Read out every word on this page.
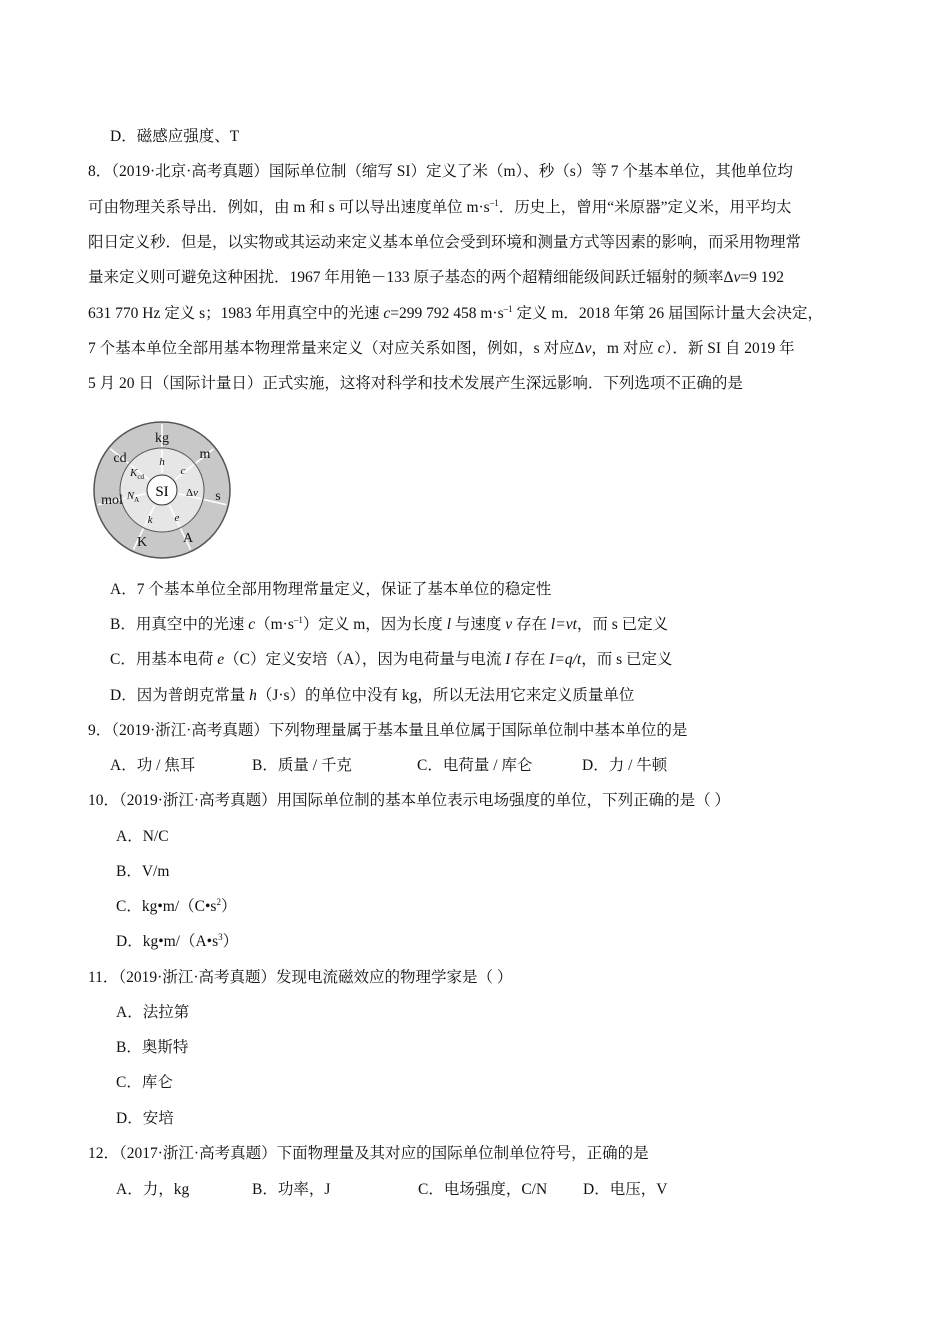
D．磁感应强度、T
8．（2019·北京·高考真题）国际单位制（缩写 SI）定义了米（m）、秒（s）等 7 个基本单位，其他单位均
可由物理关系导出．例如，由 m 和 s 可以导出速度单位 $m\cdot s^{-1}$．历史上，曾用“米原器”定义米，用平均太
阳日定义秒．但是，以实物或其运动来定义基本单位会受到环境和测量方式等因素的影响，而采用物理常
量来定义则可避免这种困扰．1967 年用铯－133 原子基态的两个超精细能级间跃迁辐射的频率Δv=9 192
631 770 Hz 定义 s；1983 年用真空中的光速 c=299 792 458 $m\cdot s^{-1}$ 定义 m．2018 年第 26 届国际计量大会决定，
7 个基本单位全部用基本物理常量来定义（对应关系如图，例如，s 对应Δv，m 对应 c）．新 SI 自 2019 年
5 月 20 日（国际计量日）正式实施，这将对科学和技术发展产生深远影响．下列选项不正确的是
SI
kg
m
s
A
K
mol
cd	h
c
Δv
e
k
$N_A$
$K_{cd}$
A．7 个基本单位全部用物理常量定义，保证了基本单位的稳定性
B．用真空中的光速 $c(m\cdot s^{-1})$定义 m，因为长度 l 与速度 v 存在 l=vt，而 s 已定义
C．用基本电荷 e（C）定义安培（A），因为电荷量与电流 I 存在 I=q/t，而 s 已定义
D．因为普朗克常量 h（J·s）的单位中没有 kg，所以无法用它来定义质量单位
9．（2019·浙江·高考真题）下列物理量属于基本量且单位属于国际单位制中基本单位的是
A．功 / 焦耳	B．质量 / 千克	C．电荷量 / 库仑	D．力 / 牛顿
10．（2019·浙江·高考真题）用国际单位制的基本单位表示电场强度的单位，下列正确的是（ ）
A．N/C
B．V/m
C．$kg•m/(C•s^2)$
D．$kg•m/(A•s^3)$
11．（2019·浙江·高考真题）发现电流磁效应的物理学家是（ ）
A．法拉第
B．奥斯特
C．库仑
D．安培
12．（2017·浙江·高考真题）下面物理量及其对应的国际单位制单位符号，正确的是
A．力，kg	B．功率，J	C．电场强度，C/N	D．电压，V
